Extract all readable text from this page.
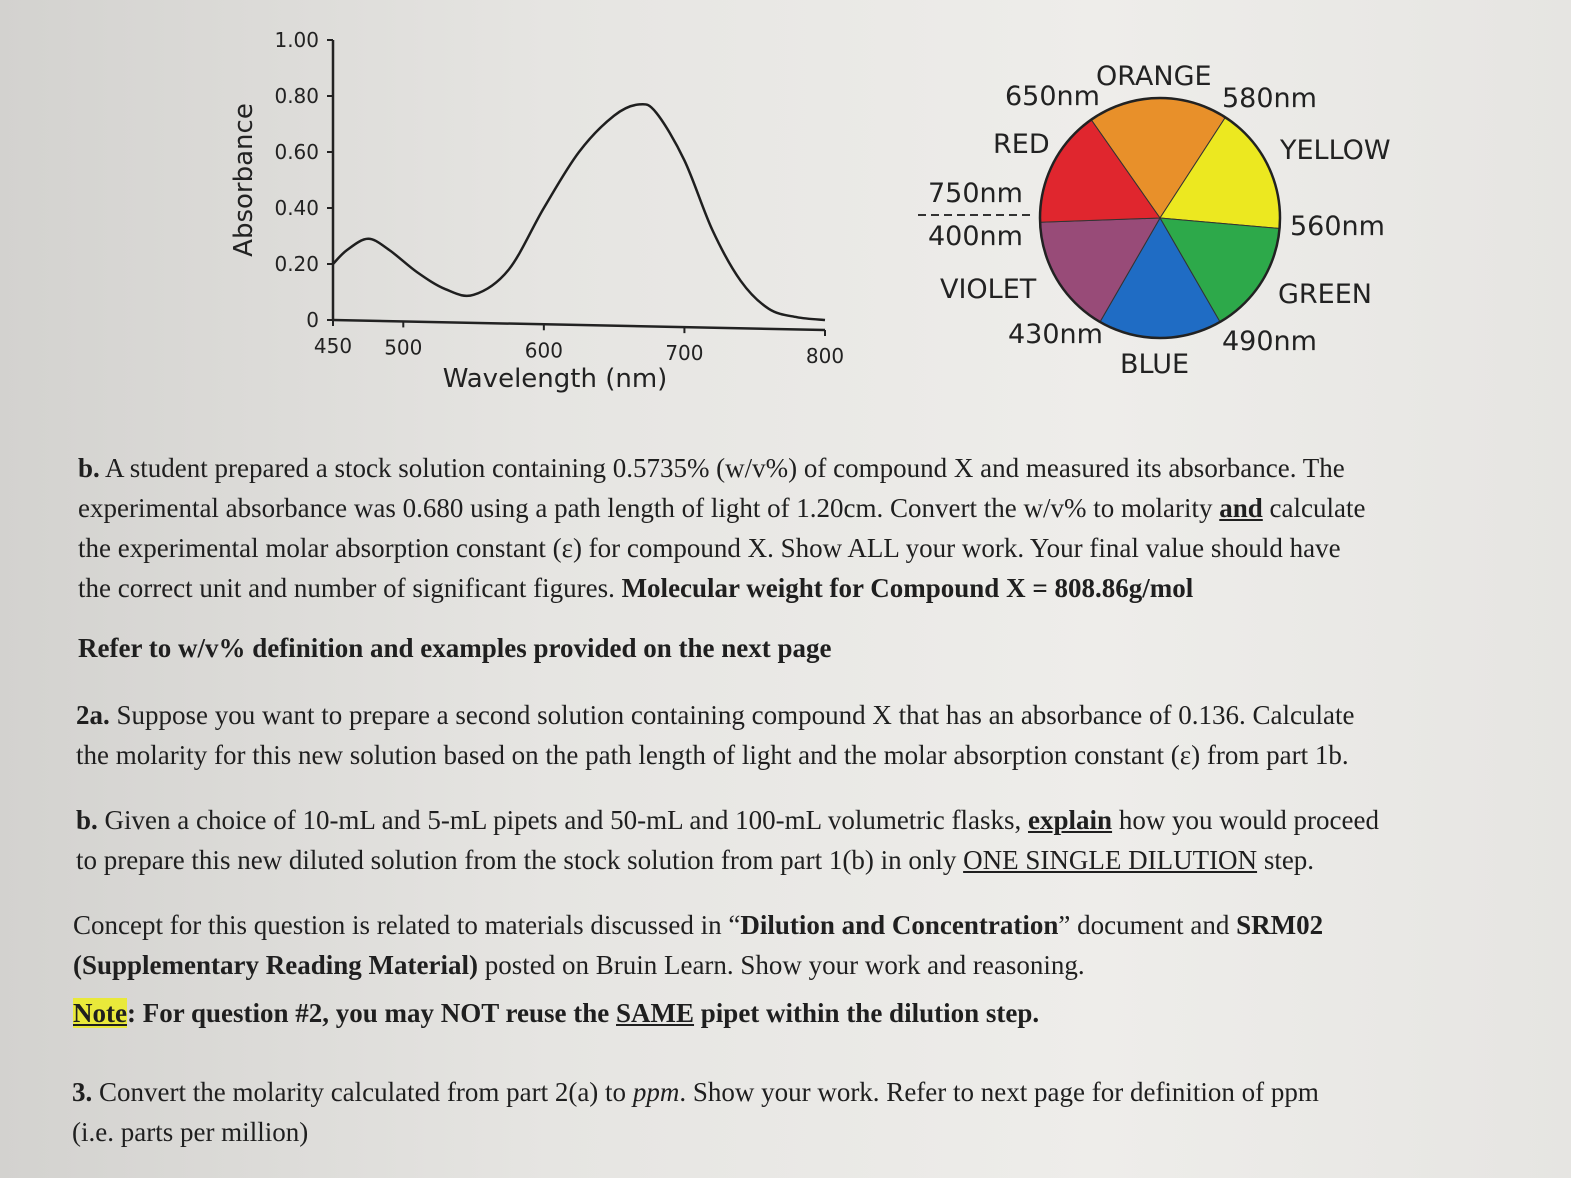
Absorbance
0
0.20
0.40
0.60
0.80
1.00
450 500	600	700	800
Wavelength (nm)
650nm
ORANGE
580nm
RED	YELLOW
750nm
400nm	560nm
VIOLET	GREEN
430nm	490nm
BLUE

b. A student prepared a stock solution containing 0.5735% (w/v%) of compound X and measured its absorbance. The
experimental absorbance was 0.680 using a path length of light of 1.20cm. Convert the w/v% to molarity and calculate
the experimental molar absorption constant (ε) for compound X. Show ALL your work. Your final value should have
the correct unit and number of significant figures. Molecular weight for Compound X = 808.86g/mol

Refer to w/v% definition and examples provided on the next page

2a. Suppose you want to prepare a second solution containing compound X that has an absorbance of 0.136. Calculate
the molarity for this new solution based on the path length of light and the molar absorption constant (ε) from part 1b.

b. Given a choice of 10-mL and 5-mL pipets and 50-mL and 100-mL volumetric flasks, explain how you would proceed
to prepare this new diluted solution from the stock solution from part 1(b) in only ONE SINGLE DILUTION step.

Concept for this question is related to materials discussed in “Dilution and Concentration” document and SRM02
(Supplementary Reading Material) posted on Bruin Learn. Show your work and reasoning.

Note: For question #2, you may NOT reuse the SAME pipet within the dilution step.

3. Convert the molarity calculated from part 2(a) to ppm. Show your work. Refer to next page for definition of ppm
(i.e. parts per million)
